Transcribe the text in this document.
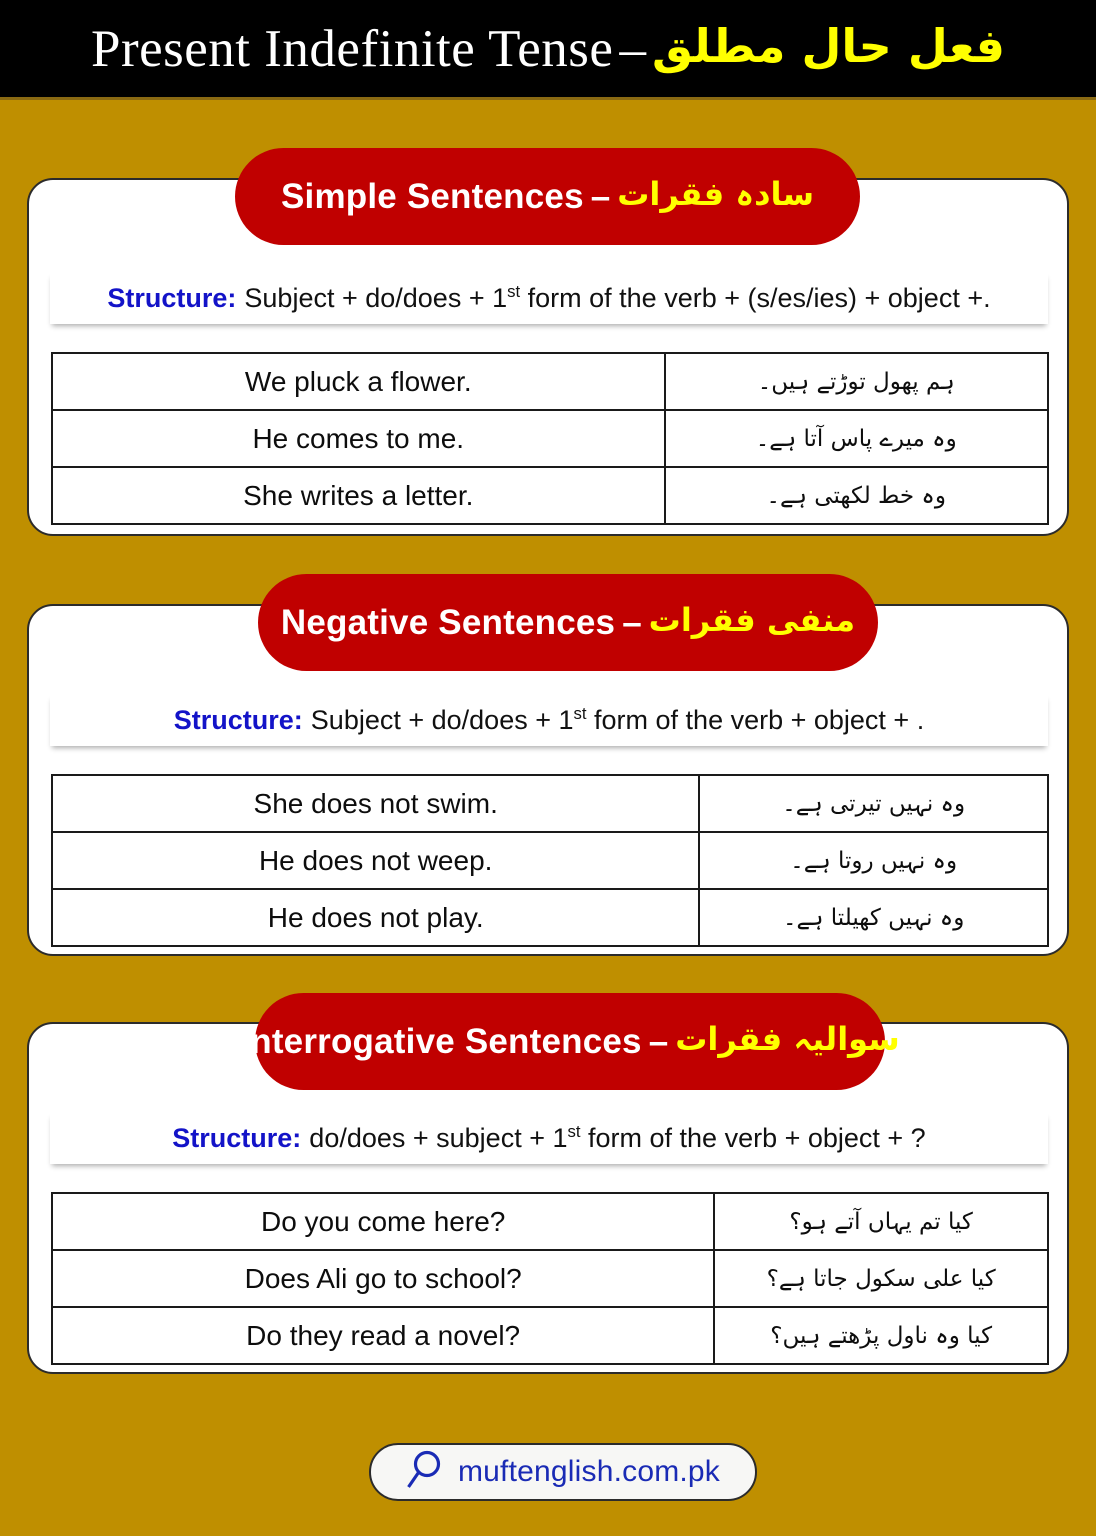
Present Indefinite Tense – فعل حال مطلق
Structure: Subject + do/does + 1st form of the verb + (s/es/ies) + object +.
We pluck a flower.	ہم پھول توڑتے ہیں۔
He comes to me.	وہ میرے پاس آتا ہے۔
She writes a letter.	وہ خط لکھتی ہے۔
Simple Sentences – سادہ فقرات
Structure: Subject + do/does + 1st form of the verb + object + .
She does not swim.	وہ نہیں تیرتی ہے۔
He does not weep.	وہ نہیں روتا ہے۔
He does not play.	وہ نہیں کھیلتا ہے۔
Negative Sentences – منفی فقرات
Structure: do/does + subject + 1st form of the verb + object + ?
Do you come here?	کیا تم یہاں آتے ہو؟
Does Ali go to school?	کیا علی سکول جاتا ہے؟
Do they read a novel?	کیا وہ ناول پڑھتے ہیں؟
Interrogative Sentences – سوالیہ فقرات
muftenglish.com.pk
